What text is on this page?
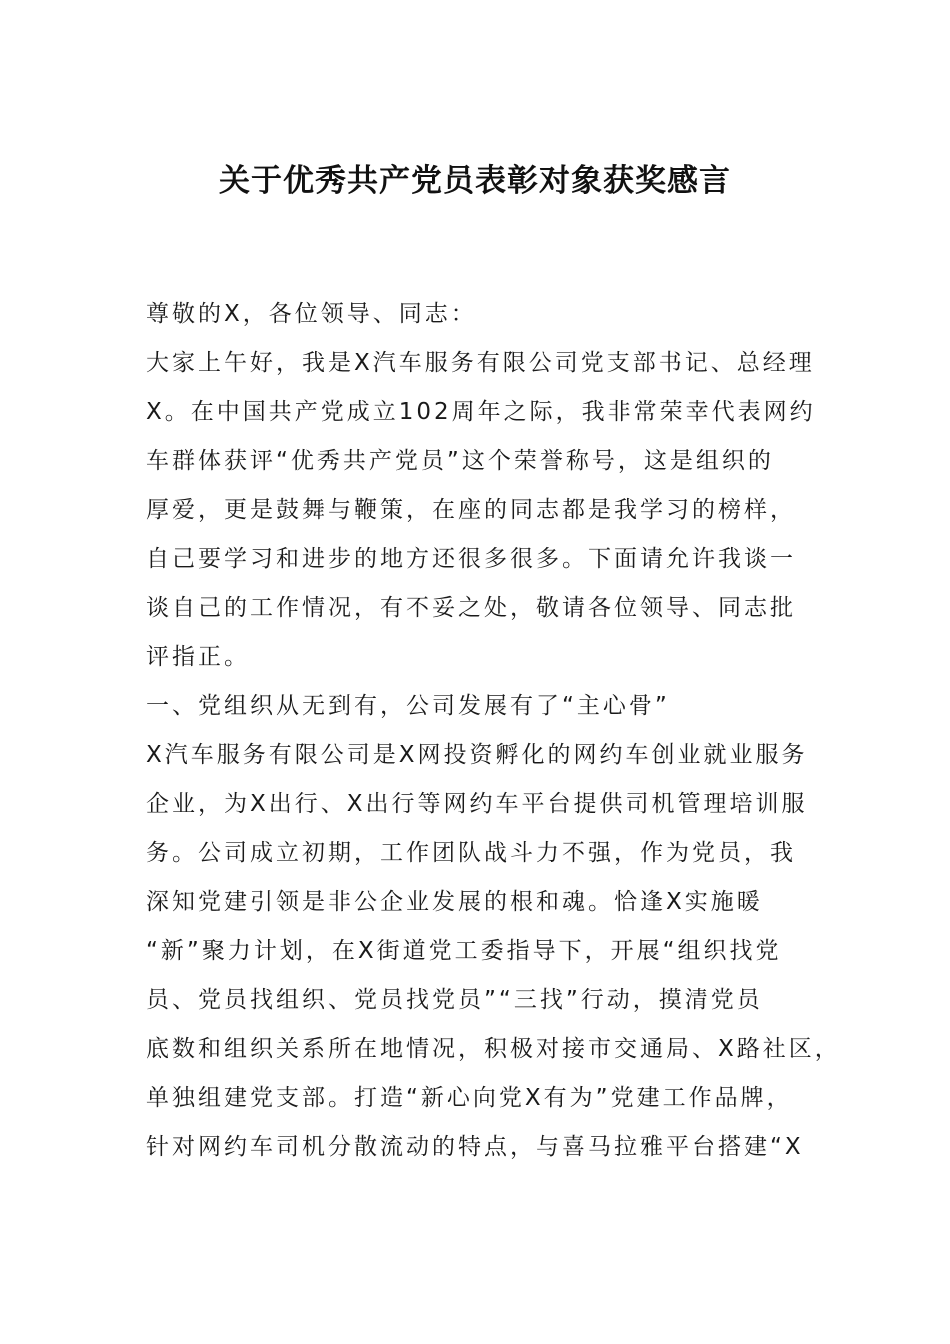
关于优秀共产党员表彰对象获奖感言

尊敬的X，各位领导、同志：

大家上午好，我是X汽车服务有限公司党支部书记、总经理

X。在中国共产党成立102周年之际，我非常荣幸代表网约

车群体获评“优秀共产党员”这个荣誉称号，这是组织的

厚爱，更是鼓舞与鞭策，在座的同志都是我学习的榜样，

自己要学习和进步的地方还很多很多。下面请允许我谈一

谈自己的工作情况，有不妥之处，敬请各位领导、同志批

评指正。

一、党组织从无到有，公司发展有了“主心骨”

X汽车服务有限公司是X网投资孵化的网约车创业就业服务

企业，为X出行、X出行等网约车平台提供司机管理培训服

务。公司成立初期，工作团队战斗力不强，作为党员，我

深知党建引领是非公企业发展的根和魂。恰逢X实施暖

“新”聚力计划，在X街道党工委指导下，开展“组织找党

员、党员找组织、党员找党员”“三找”行动，摸清党员

底数和组织关系所在地情况，积极对接市交通局、X路社区，

单独组建党支部。打造“新心向党X有为”党建工作品牌，

针对网约车司机分散流动的特点，与喜马拉雅平台搭建“X
